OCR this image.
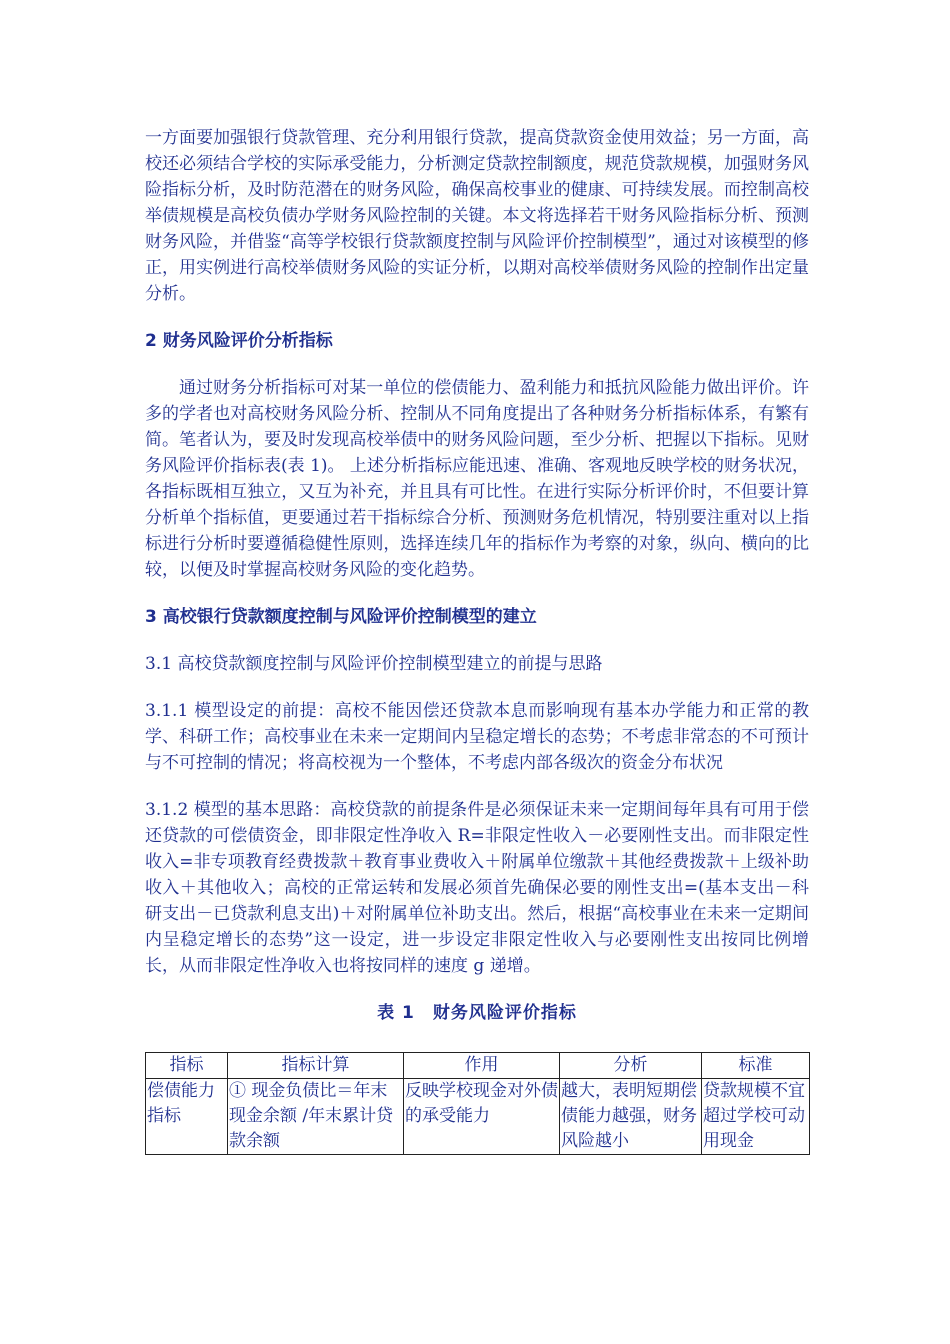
一方面要加强银行贷款管理、充分利用银行贷款，提高贷款资金使用效益；另一方面，高校还必须结合学校的实际承受能力，分析测定贷款控制额度，规范贷款规模，加强财务风险指标分析，及时防范潜在的财务风险，确保高校事业的健康、可持续发展。而控制高校举债规模是高校负债办学财务风险控制的关键。本文将选择若干财务风险指标分析、预测财务风险，并借鉴“高等学校银行贷款额度控制与风险评价控制模型”，通过对该模型的修正，用实例进行高校举债财务风险的实证分析，以期对高校举债财务风险的控制作出定量分析。

2 财务风险评价分析指标

通过财务分析指标可对某一单位的偿债能力、盈利能力和抵抗风险能力做出评价。许多的学者也对高校财务风险分析、控制从不同角度提出了各种财务分析指标体系，有繁有简。笔者认为，要及时发现高校举债中的财务风险问题，至少分析、把握以下指标。见财务风险评价指标表(表 1)。 上述分析指标应能迅速、准确、客观地反映学校的财务状况，各指标既相互独立，又互为补充，并且具有可比性。在进行实际分析评价时，不但要计算分析单个指标值，更要通过若干指标综合分析、预测财务危机情况，特别要注重对以上指标进行分析时要遵循稳健性原则，选择连续几年的指标作为考察的对象，纵向、横向的比较，以便及时掌握高校财务风险的变化趋势。

3 高校银行贷款额度控制与风险评价控制模型的建立

3.1 高校贷款额度控制与风险评价控制模型建立的前提与思路

3.1.1 模型设定的前提：高校不能因偿还贷款本息而影响现有基本办学能力和正常的教学、科研工作；高校事业在未来一定期间内呈稳定增长的态势；不考虑非常态的不可预计与不可控制的情况；将高校视为一个整体，不考虑内部各级次的资金分布状况

3.1.2 模型的基本思路：高校贷款的前提条件是必须保证未来一定期间每年具有可用于偿还贷款的可偿债资金，即非限定性净收入 R=非限定性收入－必要刚性支出。而非限定性收入=非专项教育经费拨款＋教育事业费收入＋附属单位缴款＋其他经费拨款＋上级补助收入＋其他收入；高校的正常运转和发展必须首先确保必要的刚性支出=(基本支出－科研支出－已贷款利息支出)＋对附属单位补助支出。然后，根据“高校事业在未来一定期间内呈稳定增长的态势”这一设定，进一步设定非限定性收入与必要刚性支出按同比例增长，从而非限定性净收入也将按同样的速度 g 递增。

表 1　财务风险评价指标

指标	指标计算	作用	分析	标准
偿债能力指标	① 现金负债比＝年末现金余额 /年末累计贷款余额	反映学校现金对外债的承受能力	越大，表明短期偿债能力越强，财务风险越小	贷款规模不宜超过学校可动用现金
